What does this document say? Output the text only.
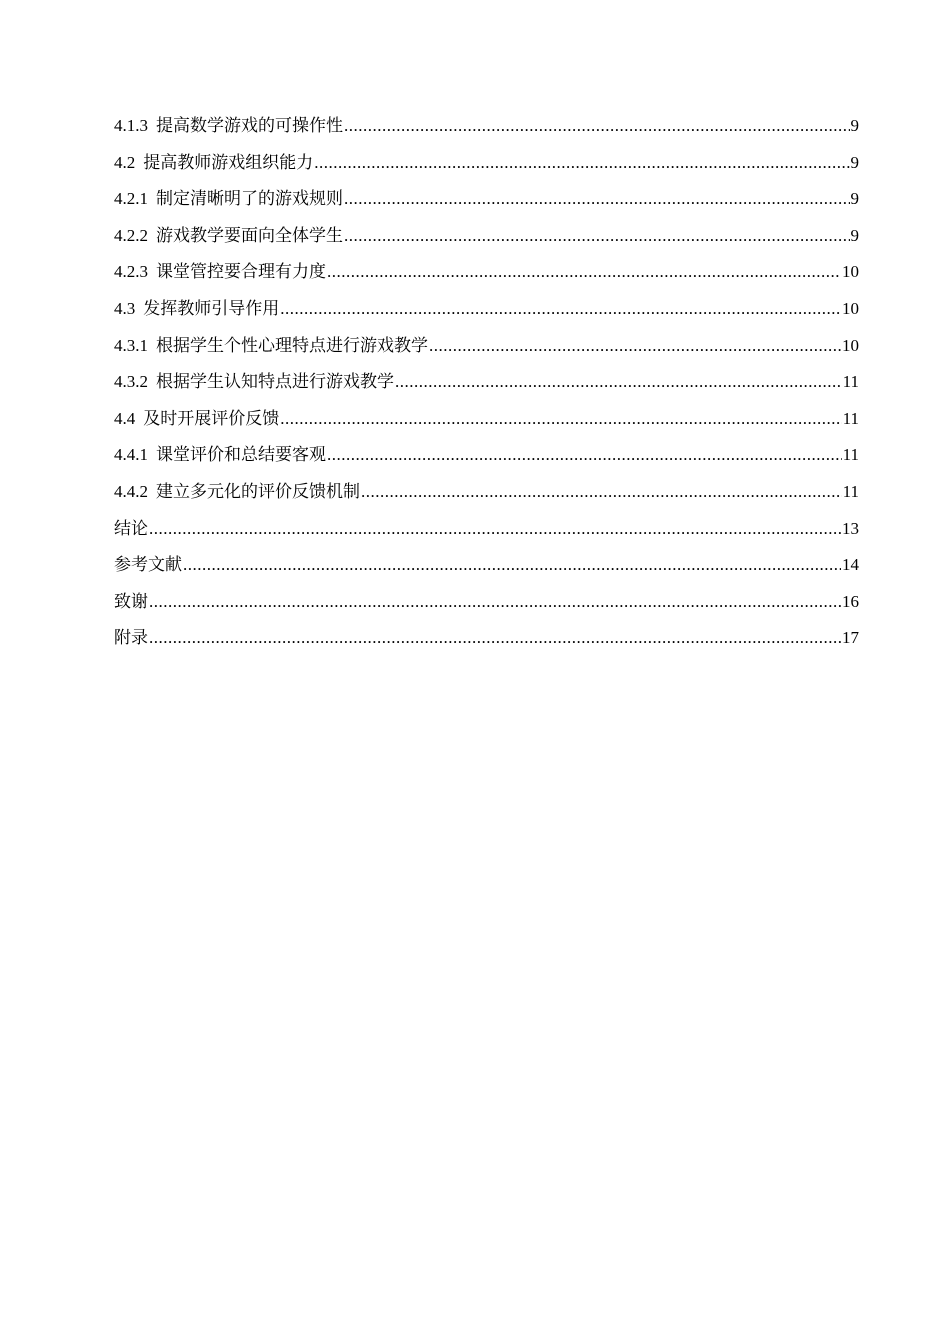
4.1.3 提高数学游戏的可操作性 .....	9
4.2 提高教师游戏组织能力 .....	9
4.2.1 制定清晰明了的游戏规则 .....	9
4.2.2 游戏教学要面向全体学生 .....	9
4.2.3 课堂管控要合理有力度 .....	10
4.3 发挥教师引导作用 .....	10
4.3.1 根据学生个性心理特点进行游戏教学 .....	10
4.3.2 根据学生认知特点进行游戏教学 .....	11
4.4 及时开展评价反馈 .....	11
4.4.1 课堂评价和总结要客观 .....	11
4.4.2 建立多元化的评价反馈机制 .....	11
结论 .....	13
参考文献 .....	14
致谢 .....	16
附录 .....	17
